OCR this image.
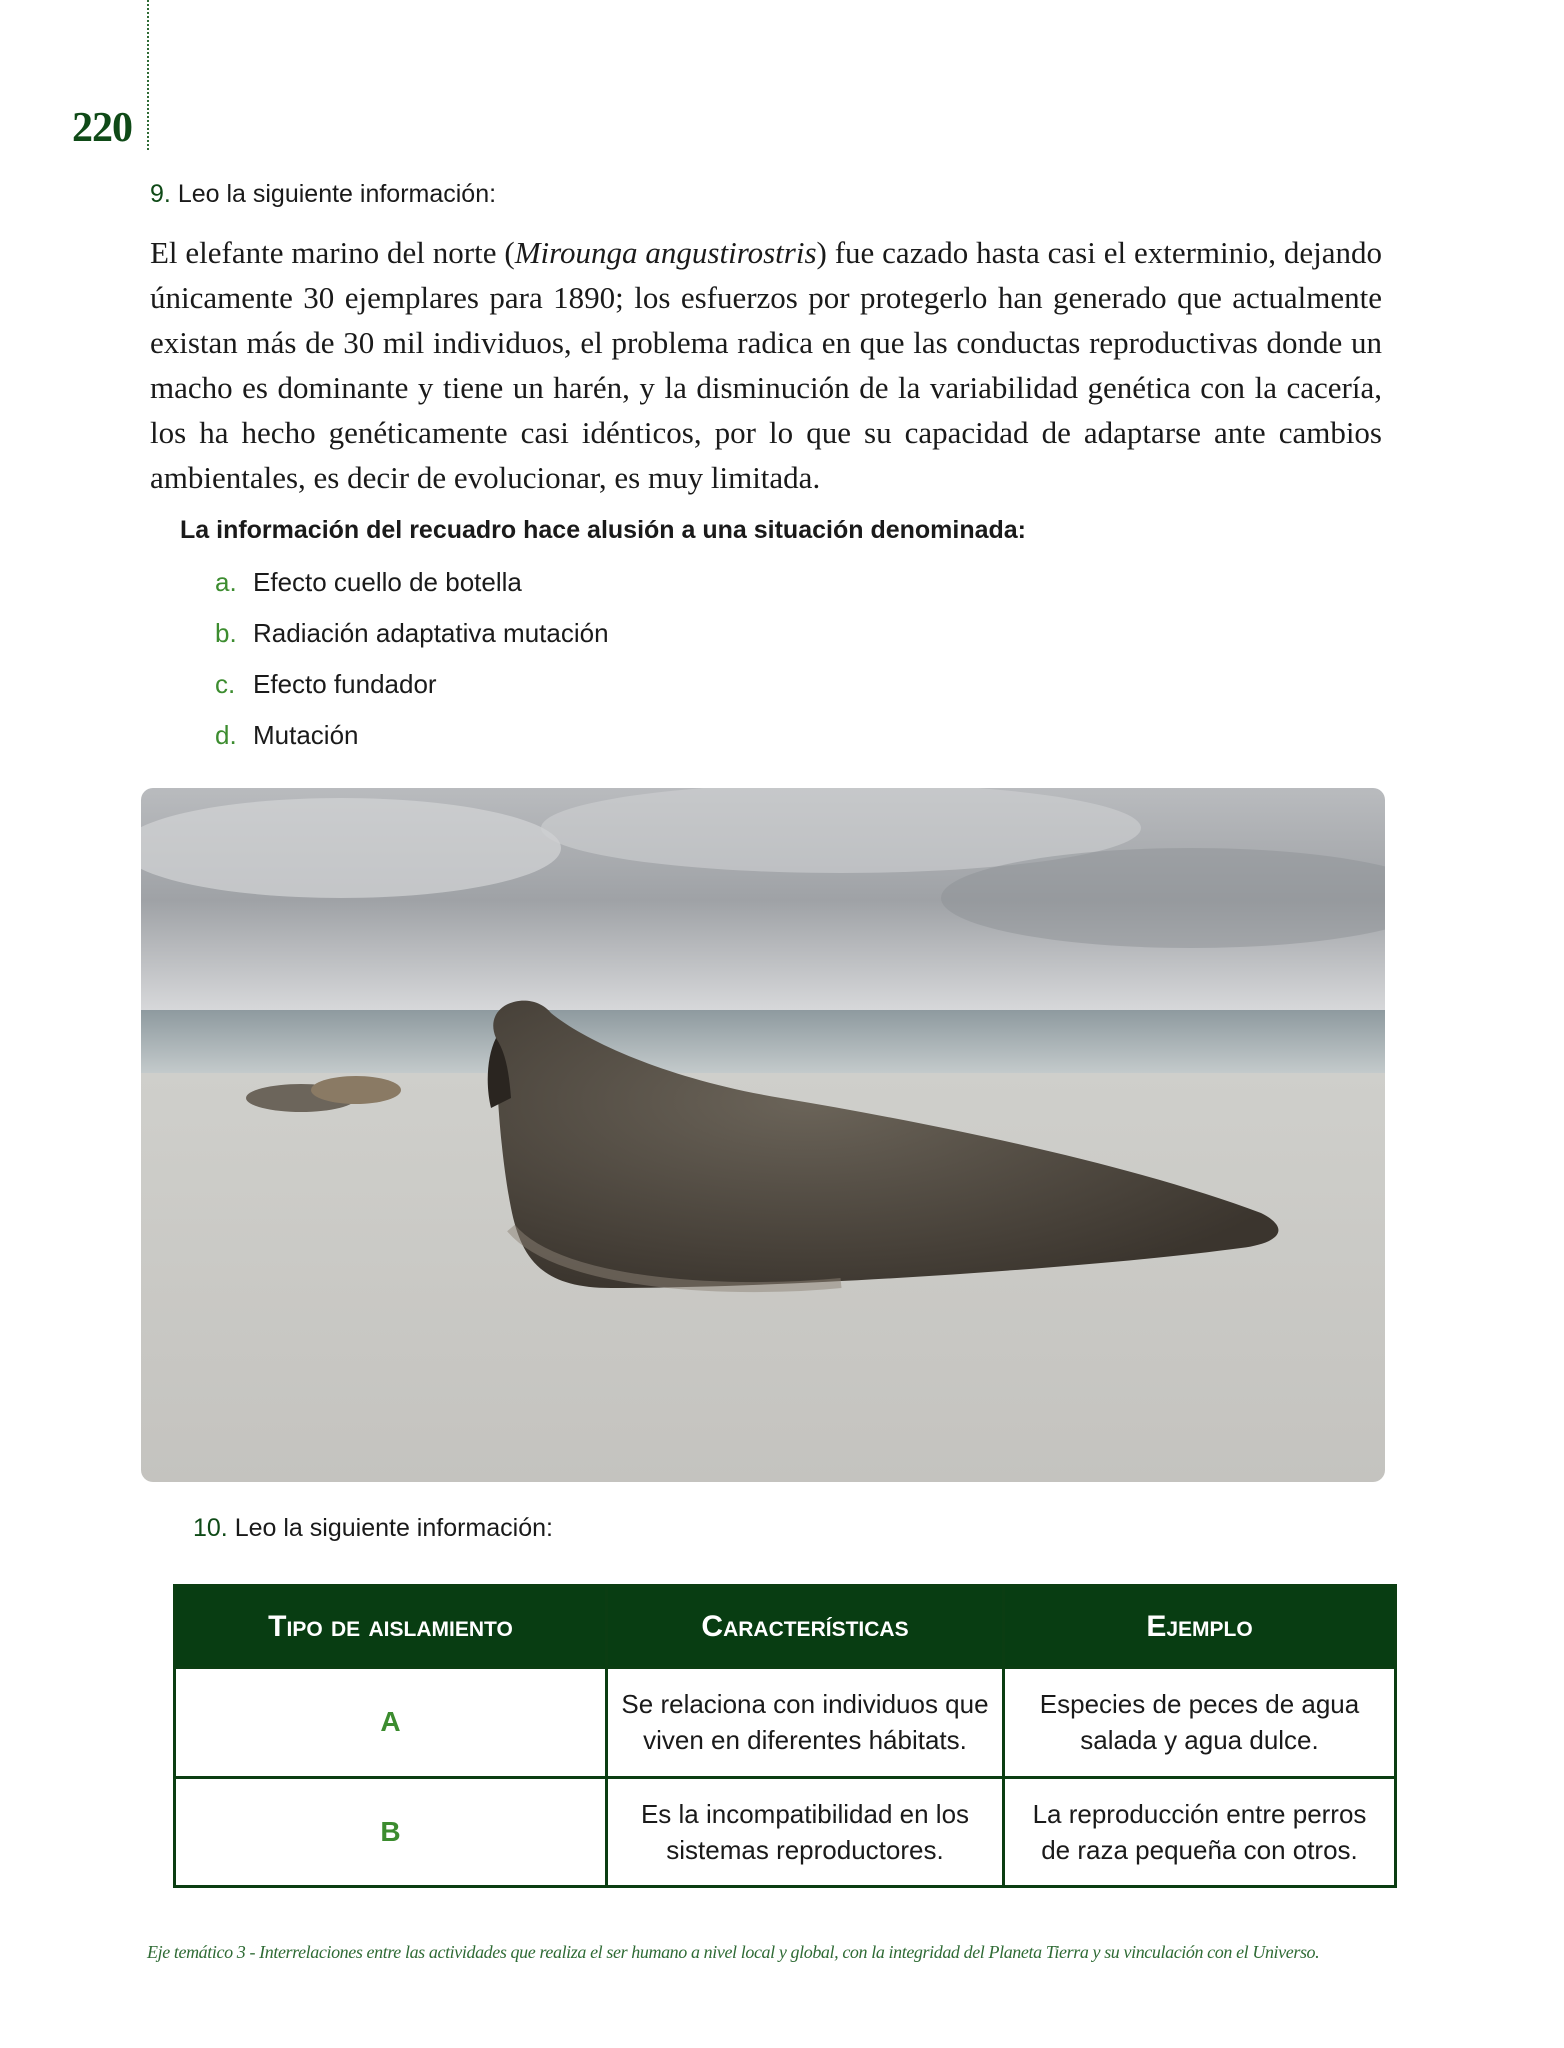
220
9. Leo la siguiente información:
El elefante marino del norte (Mirounga angustirostris) fue cazado hasta casi el exterminio, dejando únicamente 30 ejemplares para 1890; los esfuerzos por protegerlo han generado que actualmente existan más de 30 mil individuos, el problema radica en que las conductas reproductivas donde un macho es dominante y tiene un harén, y la disminución de la variabilidad genética con la cacería, los ha hecho genéticamente casi idénticos, por lo que su capacidad de adaptarse ante cambios ambientales, es decir de evolucionar, es muy limitada.
La información del recuadro hace alusión a una situación denominada:
a. Efecto cuello de botella
b. Radiación adaptativa mutación
c. Efecto fundador
d. Mutación
10. Leo la siguiente información:
Tipo de aislamiento	Características	Ejemplo
A	Se relaciona con individuos que viven en diferentes hábitats.	Especies de peces de agua salada y agua dulce.
B	Es la incompatibilidad en los sistemas reproductores.	La reproducción entre perros de raza pequeña con otros.
Eje temático 3 - Interrelaciones entre las actividades que realiza el ser humano a nivel local y global, con la integridad del Planeta Tierra y su vinculación con el Universo.
